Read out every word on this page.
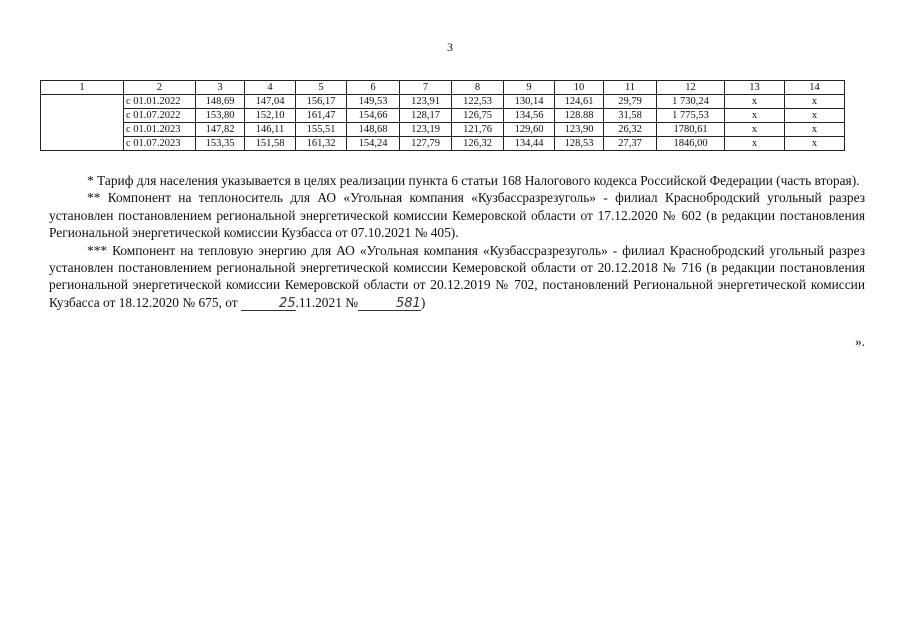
3
1	2	3	4	5	6	7	8	9	10	11	12	13	14
	с 01.01.2022	148,69	147,04	156,17	149,53	123,91	122,53	130,14	124,61	29,79	1 730,24	x	x
	с 01.07.2022	153,80	152,10	161,47	154,66	128,17	126,75	134,56	128.88	31,58	1 775,53	x	x
	с 01.01.2023	147,82	146,11	155,51	148,68	123,19	121,76	129,60	123,90	26,32	1780,61	x	x
	с 01.07.2023	153,35	151,58	161,32	154,24	127,79	126,32	134,44	128,53	27,37	1846,00	x	x

* Тариф для населения указывается в целях реализации пункта 6 статьи 168 Налогового кодекса Российской Федерации (часть вторая).

** Компонент на теплоноситель для АО «Угольная компания «Кузбассразрезуголь» - филиал Краснобродский угольный разрез установлен постановлением региональной энергетической комиссии Кемеровской области от 17.12.2020 № 602 (в редакции постановления Региональной энергетической комиссии Кузбасса от 07.10.2021 № 405).

*** Компонент на тепловую энергию для АО «Угольная компания «Кузбассразрезуголь» - филиал Краснобродский угольный разрез установлен постановлением региональной энергетической комиссии Кемеровской области от 20.12.2018 № 716 (в редакции постановления региональной энергетической комиссии Кемеровской области от 20.12.2019 № 702, постановлений Региональной энергетической комиссии Кузбасса от 18.12.2020 № 675, от	25.11.2021 №	581)

».
